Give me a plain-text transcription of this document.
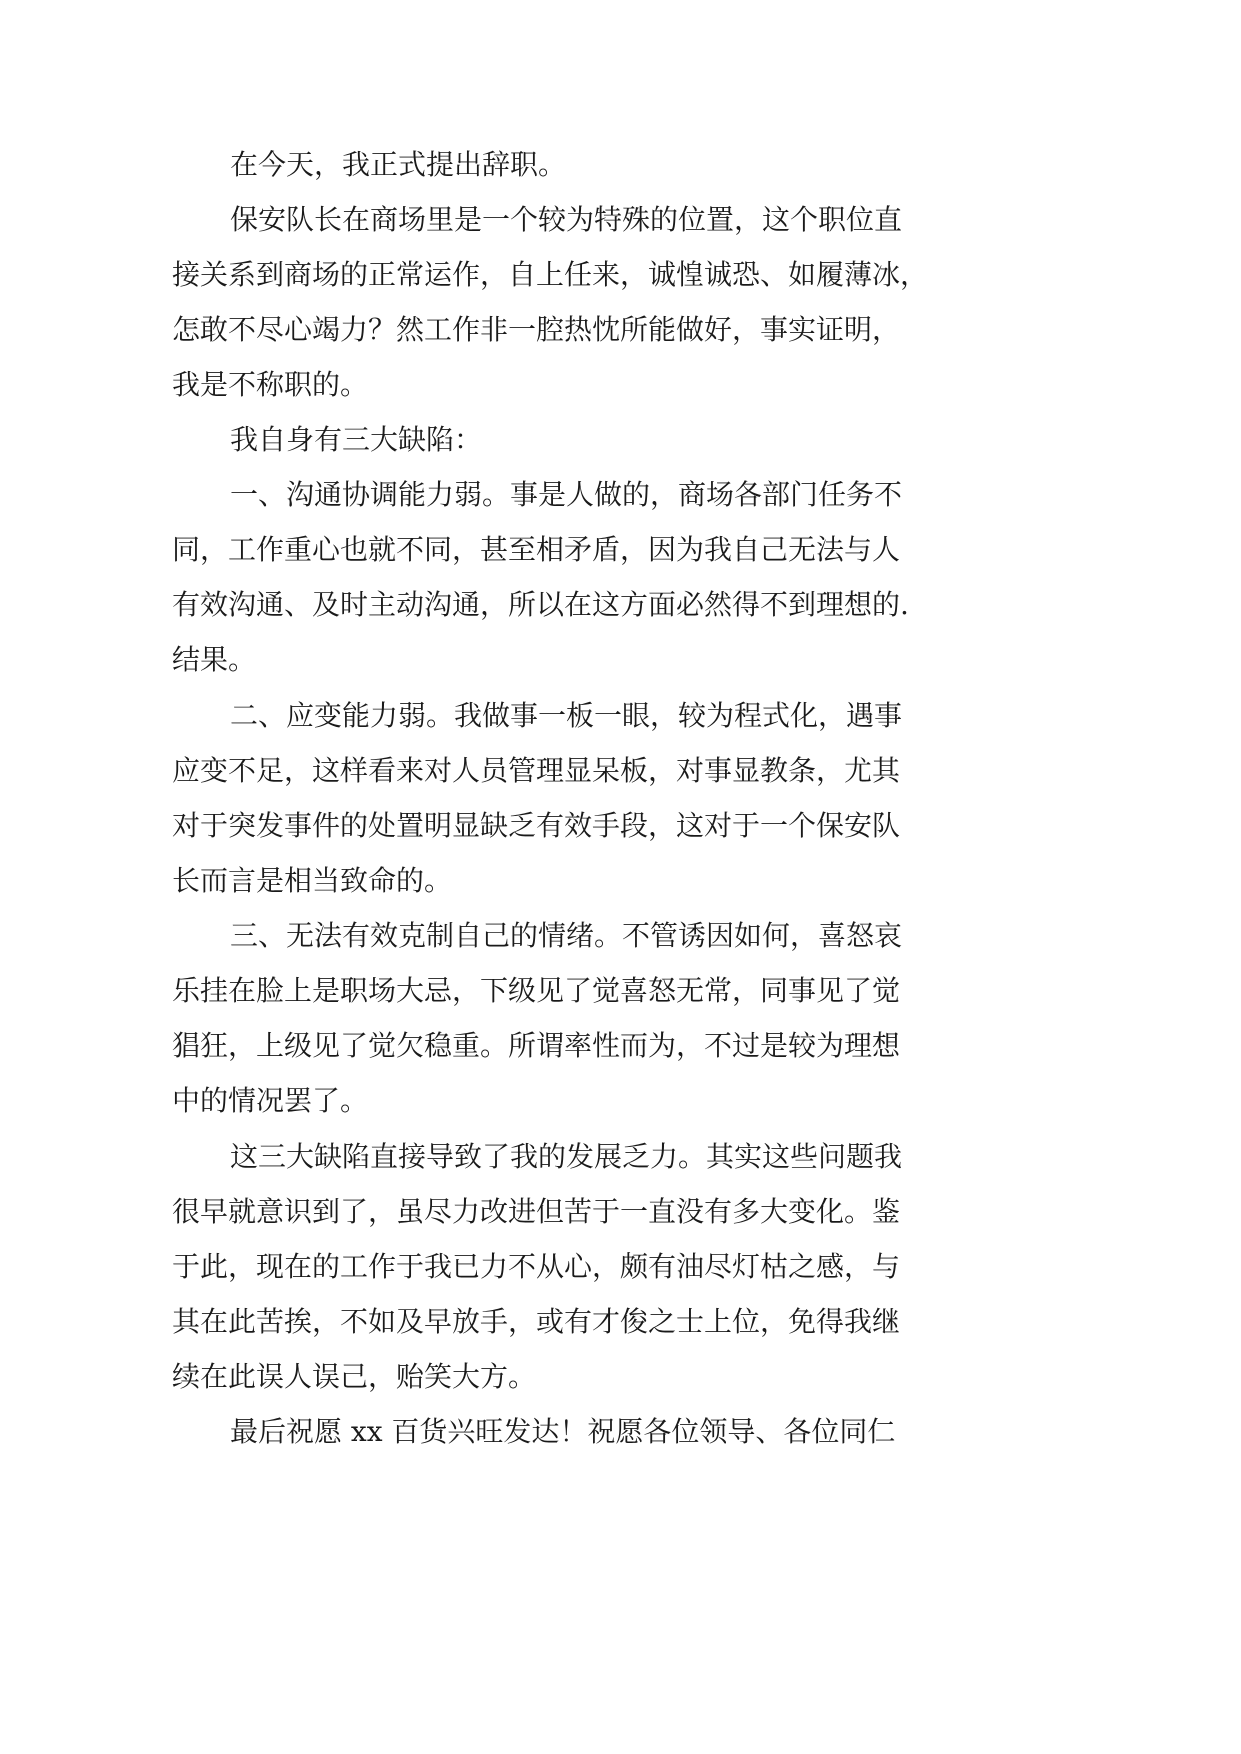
在今天，我正式提出辞职。
保安队长在商场里是一个较为特殊的位置，这个职位直
接关系到商场的正常运作，自上任来，诚惶诚恐、如履薄冰，
怎敢不尽心竭力？然工作非一腔热忱所能做好，事实证明，
我是不称职的。
我自身有三大缺陷：
一、沟通协调能力弱。事是人做的，商场各部门任务不
同，工作重心也就不同，甚至相矛盾，因为我自己无法与人
有效沟通、及时主动沟通，所以在这方面必然得不到理想的.
结果。
二、应变能力弱。我做事一板一眼，较为程式化，遇事
应变不足，这样看来对人员管理显呆板，对事显教条，尤其
对于突发事件的处置明显缺乏有效手段，这对于一个保安队
长而言是相当致命的。
三、无法有效克制自己的情绪。不管诱因如何，喜怒哀
乐挂在脸上是职场大忌，下级见了觉喜怒无常，同事见了觉
猖狂，上级见了觉欠稳重。所谓率性而为，不过是较为理想
中的情况罢了。
这三大缺陷直接导致了我的发展乏力。其实这些问题我
很早就意识到了，虽尽力改进但苦于一直没有多大变化。鉴
于此，现在的工作于我已力不从心，颇有油尽灯枯之感，与
其在此苦挨，不如及早放手，或有才俊之士上位，免得我继
续在此误人误己，贻笑大方。
最后祝愿 xx 百货兴旺发达！祝愿各位领导、各位同仁
